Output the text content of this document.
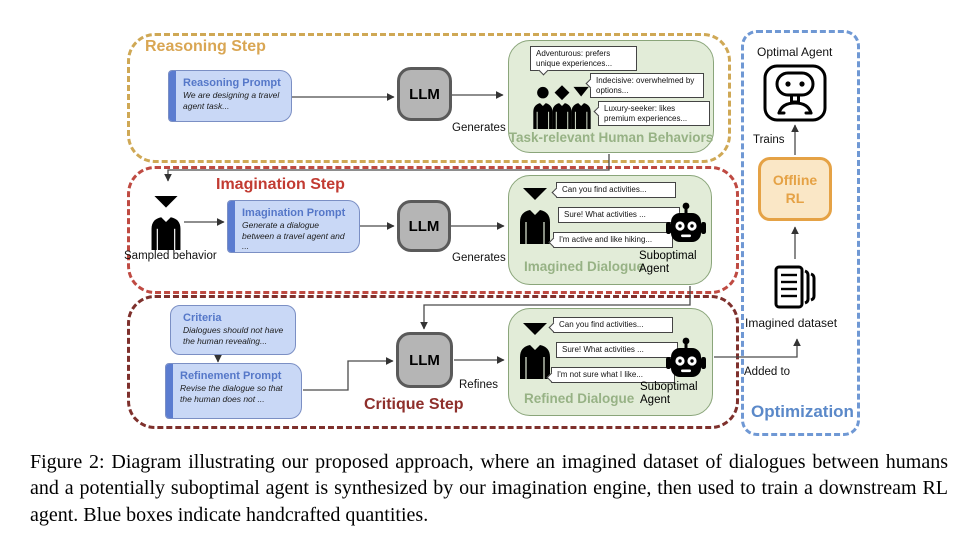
Reasoning Step
Imagination Step
Critique Step	Optimization
Reasoning Prompt
We are designing a travel agent task...
LLM
Generates
Adventurous: prefers unique experiences...
Indecisive: overwhelmed by options...
Luxury-seeker: likes premium experiences...
Task-relevant Human Behaviors
Sampled behavior
Imagination Prompt
Generate a dialogue between a travel agent and ...
LLM
Generates
Can you find activities...
Sure! What activities ...
I'm active and like hiking...
Imagined Dialogue
Suboptimal Agent
Criteria
Dialogues should not have the human revealing...
Refinement Prompt
Revise the dialogue so that the human does not ...
LLM
Refines
Can you find activities...
Sure! What activities ...
I'm not sure what I like...
Refined Dialogue
Suboptimal Agent
Optimal Agent
Trains
Offline RL
Imagined dataset
Added to
Figure 2: Diagram illustrating our proposed approach, where an imagined dataset of dialogues between humans and a potentially suboptimal agent is synthesized by our imagination engine, then used to train a downstream RL agent. Blue boxes indicate handcrafted quantities.
